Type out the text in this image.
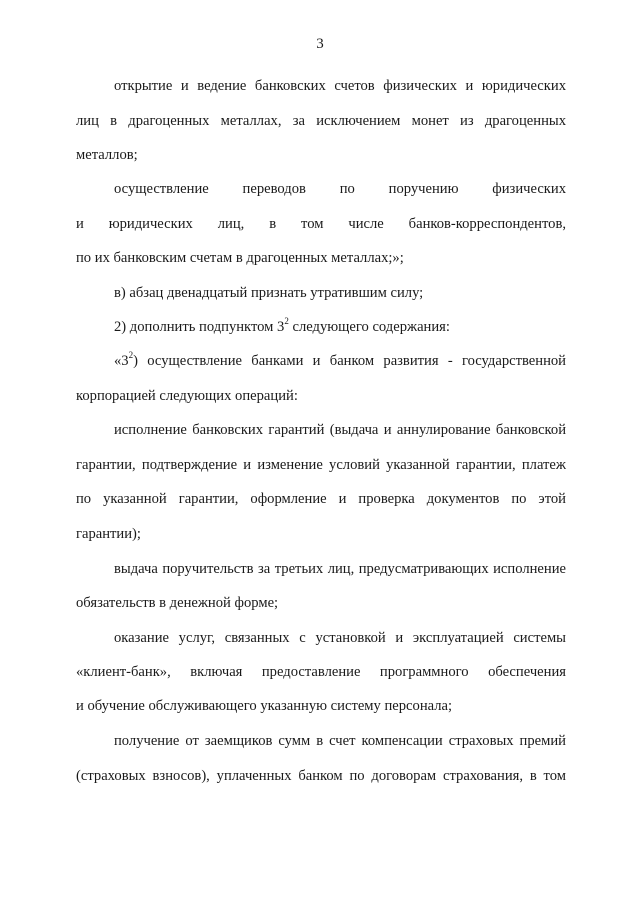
3
открытие и ведение банковских счетов физических и юридических
лиц в драгоценных металлах, за исключением монет из драгоценных
металлов;
осуществление переводов по поручению физических
и юридических лиц, в том числе банков-корреспондентов,
по их банковским счетам в драгоценных металлах;»;
в) абзац двенадцатый признать утратившим силу;
2) дополнить подпунктом $3^2$ следующего содержания:
«$3^2$) осуществление банками и банком развития - государственной
корпорацией следующих операций:
исполнение банковских гарантий (выдача и аннулирование банковской
гарантии, подтверждение и изменение условий указанной гарантии, платеж
по указанной гарантии, оформление и проверка документов по этой
гарантии);
выдача поручительств за третьих лиц, предусматривающих исполнение
обязательств в денежной форме;
оказание услуг, связанных с установкой и эксплуатацией системы
«клиент-банк», включая предоставление программного обеспечения
и обучение обслуживающего указанную систему персонала;
получение от заемщиков сумм в счет компенсации страховых премий
(страховых взносов), уплаченных банком по договорам страхования, в том
